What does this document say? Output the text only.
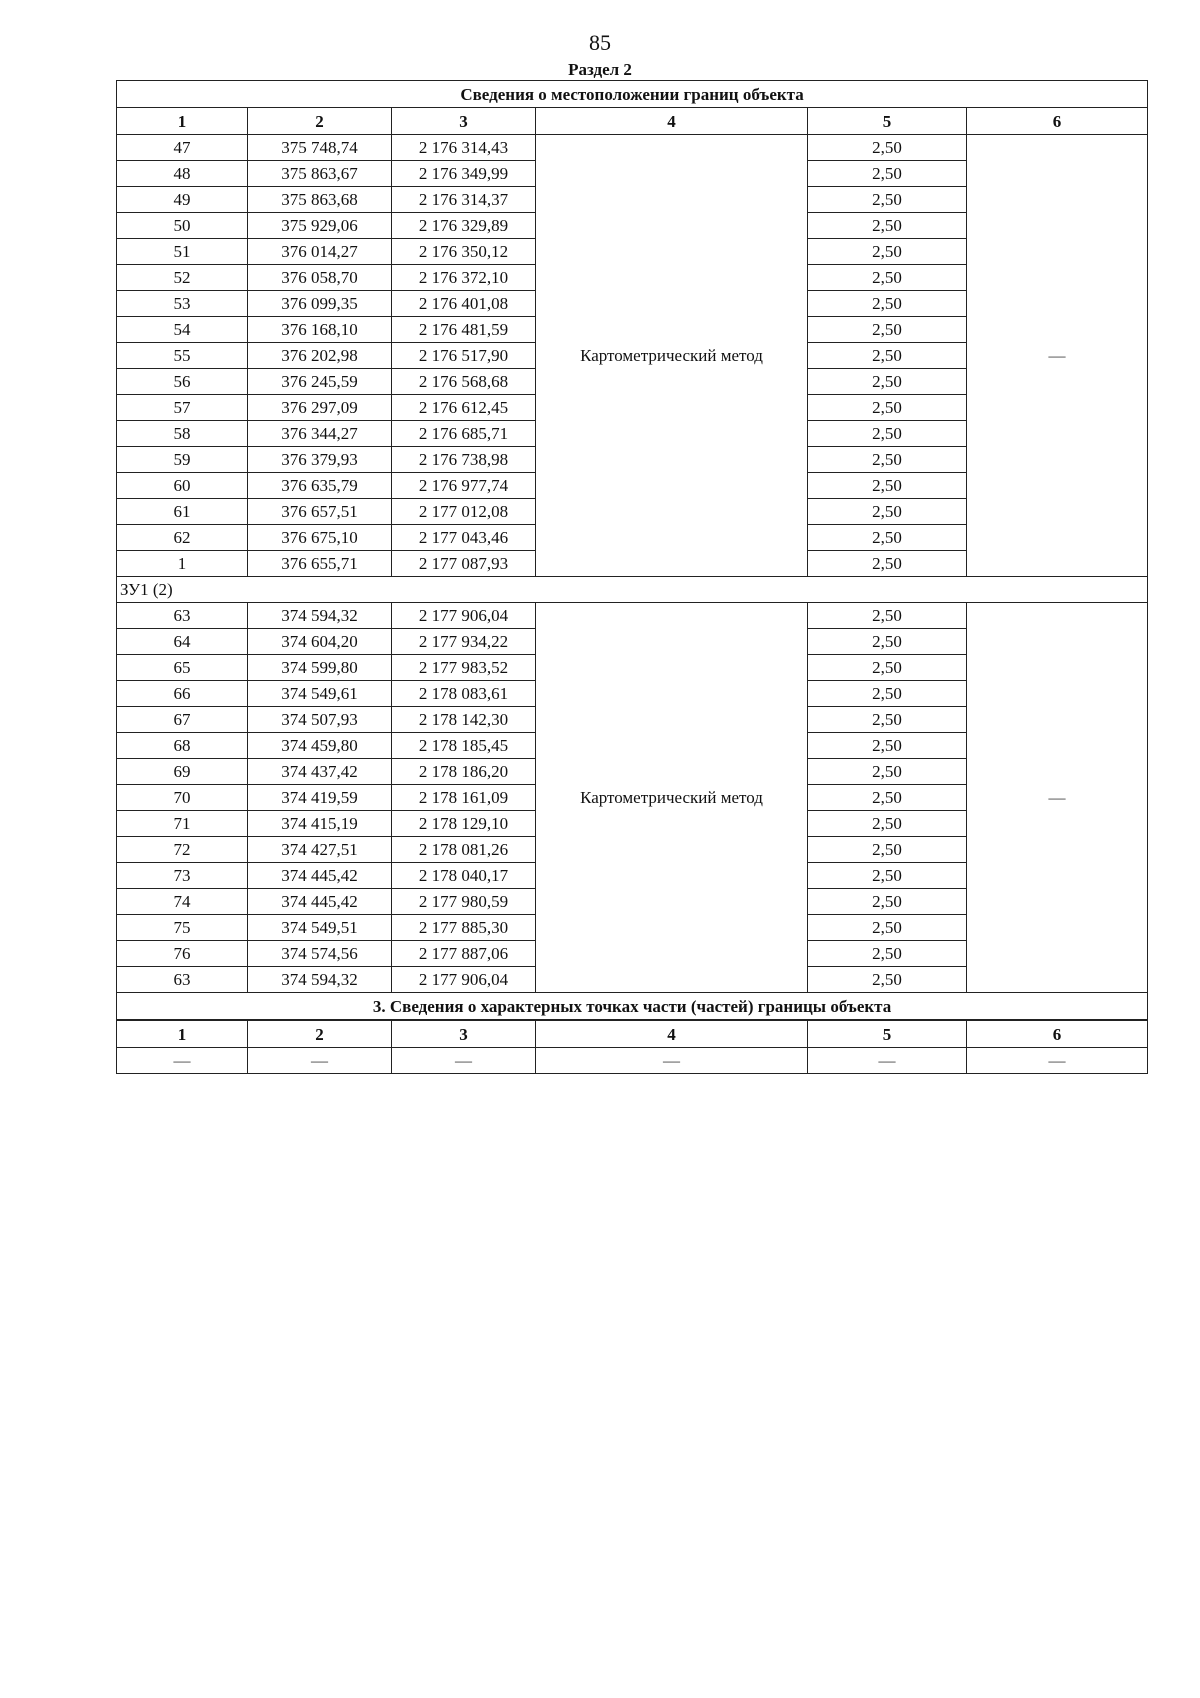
85
Раздел 2
Сведения о местоположении границ объекта					
1	2	3	4	5	6
47	375 748,74	2 176 314,43	Картометрический метод	2,50	—
48	375 863,67	2 176 349,99		2,50	
49	375 863,68	2 176 314,37		2,50	
50	375 929,06	2 176 329,89		2,50	
51	376 014,27	2 176 350,12		2,50	
52	376 058,70	2 176 372,10		2,50	
53	376 099,35	2 176 401,08		2,50	
54	376 168,10	2 176 481,59		2,50	
55	376 202,98	2 176 517,90		2,50	
56	376 245,59	2 176 568,68		2,50	
57	376 297,09	2 176 612,45		2,50	
58	376 344,27	2 176 685,71		2,50	
59	376 379,93	2 176 738,98		2,50	
60	376 635,79	2 176 977,74		2,50	
61	376 657,51	2 177 012,08		2,50	
62	376 675,10	2 177 043,46		2,50	
1	376 655,71	2 177 087,93		2,50	
ЗУ1 (2)					
63	374 594,32	2 177 906,04	Картометрический метод	2,50	—
64	374 604,20	2 177 934,22		2,50	
65	374 599,80	2 177 983,52		2,50	
66	374 549,61	2 178 083,61		2,50	
67	374 507,93	2 178 142,30		2,50	
68	374 459,80	2 178 185,45		2,50	
69	374 437,42	2 178 186,20		2,50	
70	374 419,59	2 178 161,09		2,50	
71	374 415,19	2 178 129,10		2,50	
72	374 427,51	2 178 081,26		2,50	
73	374 445,42	2 178 040,17		2,50	
74	374 445,42	2 177 980,59		2,50	
75	374 549,51	2 177 885,30		2,50	
76	374 574,56	2 177 887,06		2,50	
63	374 594,32	2 177 906,04		2,50	
3. Сведения о характерных точках части (частей) границы объекта					
1	2	3	4	5	6
—	—	—	—	—	—
